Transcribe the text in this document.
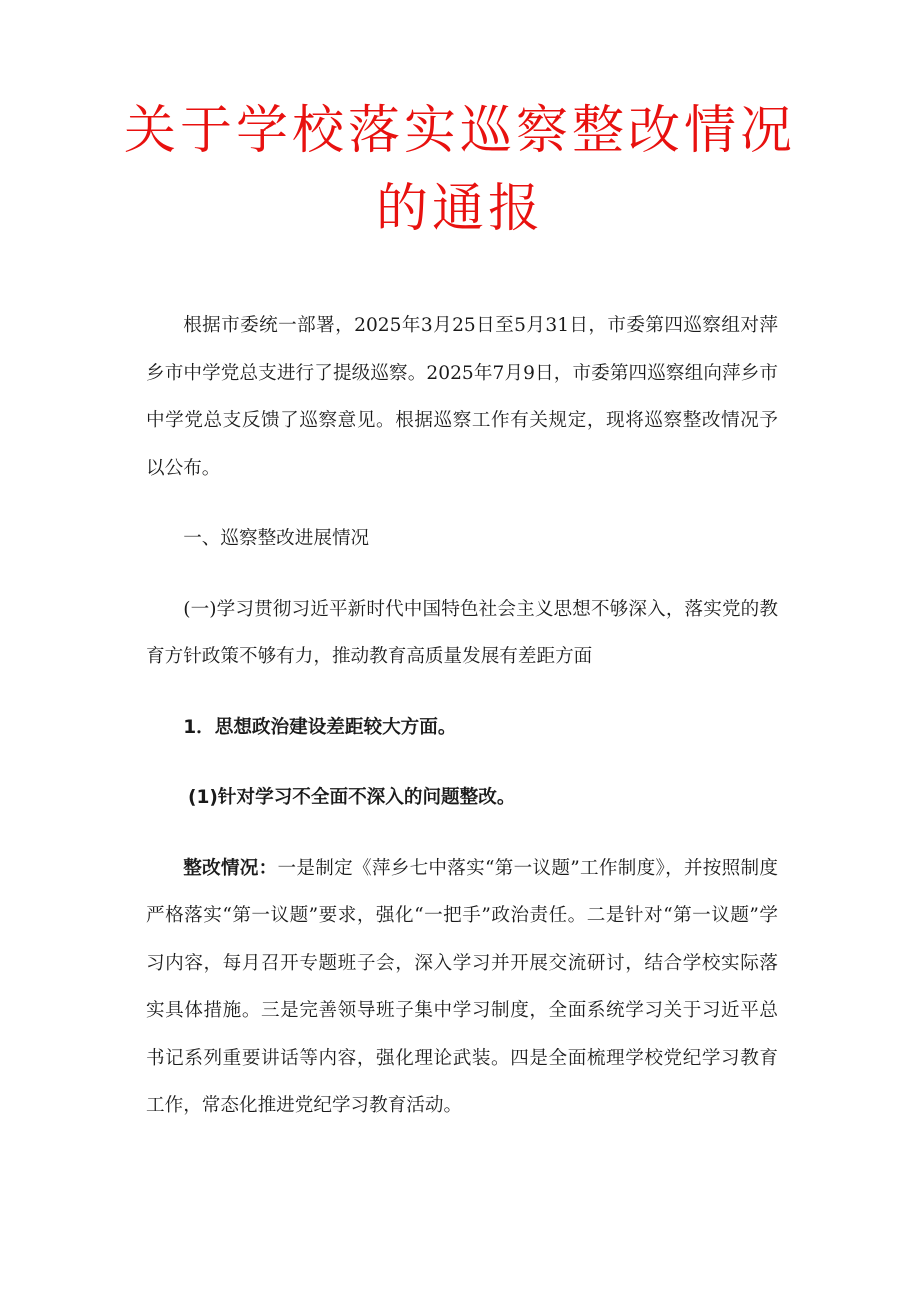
关于学校落实巡察整改情况的通报

根据市委统一部署，2025年3月25日至5月31日，市委第四巡察组对萍乡市中学党总支进行了提级巡察。2025年7月9日，市委第四巡察组向萍乡市中学党总支反馈了巡察意见。根据巡察工作有关规定，现将巡察整改情况予以公布。

一、巡察整改进展情况

(一)学习贯彻习近平新时代中国特色社会主义思想不够深入，落实党的教育方针政策不够有力，推动教育高质量发展有差距方面

1．思想政治建设差距较大方面。

(1)针对学习不全面不深入的问题整改。

整改情况：一是制定《萍乡七中落实“第一议题”工作制度》，并按照制度严格落实“第一议题”要求，强化“一把手”政治责任。二是针对“第一议题”学习内容，每月召开专题班子会，深入学习并开展交流研讨，结合学校实际落实具体措施。三是完善领导班子集中学习制度，全面系统学习关于习近平总书记系列重要讲话等内容，强化理论武装。四是全面梳理学校党纪学习教育工作，常态化推进党纪学习教育活动。
